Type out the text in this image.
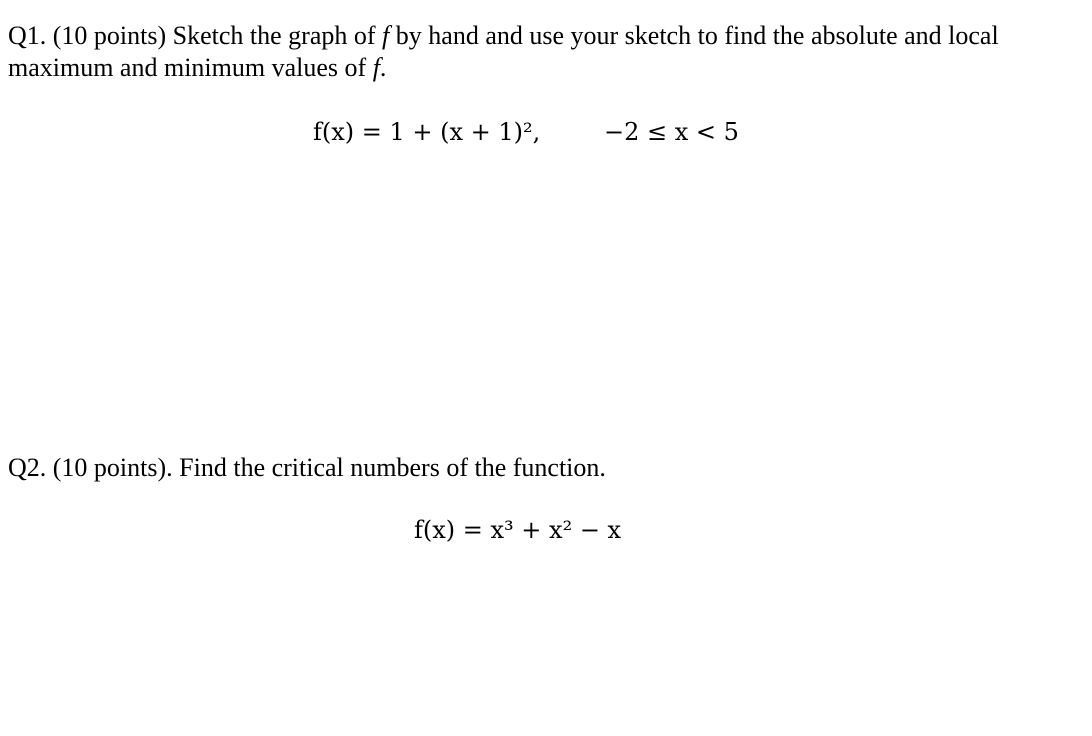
Q1. (10 points) Sketch the graph of f by hand and use your sketch to find the absolute and local
maximum and minimum values of f.
f(x) = 1 + (x + 1)²,	−2 ≤ x < 5
Q2. (10 points). Find the critical numbers of the function.
f(x) = x³ + x² − x
